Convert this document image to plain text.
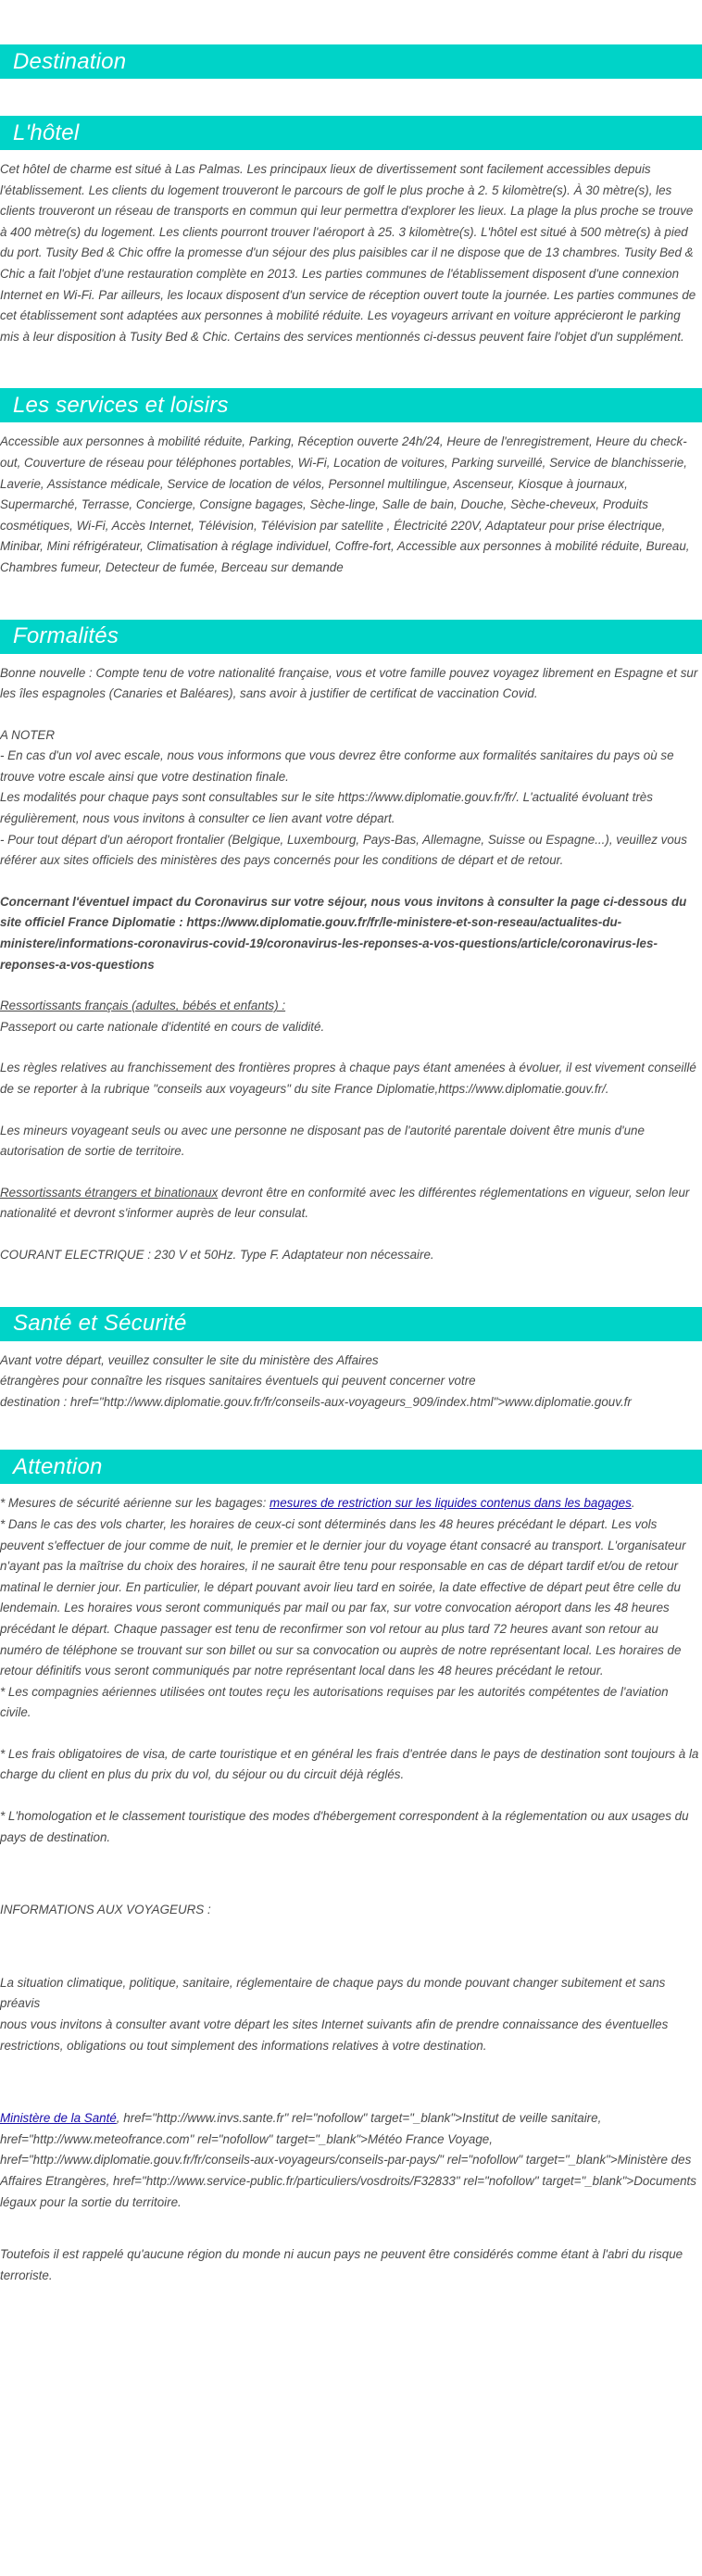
Destination
L'hôtel

Cet hôtel de charme est situé à Las Palmas. Les principaux lieux de divertissement sont facilement accessibles depuis l'établissement. Les clients du logement trouveront le parcours de golf le plus proche à 2. 5 kilomètre(s). À 30 mètre(s), les clients trouveront un réseau de transports en commun qui leur permettra d'explorer les lieux. La plage la plus proche se trouve à 400 mètre(s) du logement. Les clients pourront trouver l'aéroport à 25. 3 kilomètre(s). L'hôtel est situé à 500 mètre(s) à pied du port. Tusity Bed & Chic offre la promesse d'un séjour des plus paisibles car il ne dispose que de 13 chambres. Tusity Bed & Chic a fait l'objet d'une restauration complète en 2013. Les parties communes de l'établissement disposent d'une connexion Internet en Wi-Fi. Par ailleurs, les locaux disposent d'un service de réception ouvert toute la journée. Les parties communes de cet établissement sont adaptées aux personnes à mobilité réduite. Les voyageurs arrivant en voiture apprécieront le parking mis à leur disposition à Tusity Bed & Chic. Certains des services mentionnés ci-dessus peuvent faire l'objet d'un supplément.

Les services et loisirs

Accessible aux personnes à mobilité réduite, Parking, Réception ouverte 24h/24, Heure de l'enregistrement, Heure du check-out, Couverture de réseau pour téléphones portables, Wi-Fi, Location de voitures, Parking surveillé, Service de blanchisserie, Laverie, Assistance médicale, Service de location de vélos, Personnel multilingue, Ascenseur, Kiosque à journaux, Supermarché, Terrasse, Concierge, Consigne bagages, Sèche-linge, Salle de bain, Douche, Sèche-cheveux, Produits cosmétiques, Wi-Fi, Accès Internet, Télévision, Télévision par satellite , Électricité 220V, Adaptateur pour prise électrique, Minibar, Mini réfrigérateur, Climatisation à réglage individuel, Coffre-fort, Accessible aux personnes à mobilité réduite, Bureau, Chambres fumeur, Detecteur de fumée, Berceau sur demande

Formalités

Bonne nouvelle : Compte tenu de votre nationalité française, vous et votre famille pouvez voyagez librement en Espagne et sur les îles espagnoles (Canaries et Baléares), sans avoir à justifier de certificat de vaccination Covid.

A NOTER

- En cas d'un vol avec escale, nous vous informons que vous devrez être conforme aux formalités sanitaires du pays où se trouve votre escale ainsi que votre destination finale.

Les modalités pour chaque pays sont consultables sur le site https://www.diplomatie.gouv.fr/fr/. L'actualité évoluant très régulièrement, nous vous invitons à consulter ce lien avant votre départ.

- Pour tout départ d'un aéroport frontalier (Belgique, Luxembourg, Pays-Bas, Allemagne, Suisse ou Espagne...), veuillez vous référer aux sites officiels des ministères des pays concernés pour les conditions de départ et de retour.

Concernant l'éventuel impact du Coronavirus sur votre séjour, nous vous invitons à consulter la page ci-dessous du site officiel France Diplomatie : https://www.diplomatie.gouv.fr/fr/le-ministere-et-son-reseau/actualites-du-ministere/informations-coronavirus-covid-19/coronavirus-les-reponses-a-vos-questions/article/coronavirus-les-reponses-a-vos-questions

Ressortissants français (adultes, bébés et enfants) :

Passeport ou carte nationale d'identité en cours de validité.

Les règles relatives au franchissement des frontières propres à chaque pays étant amenées à évoluer, il est vivement conseillé de se reporter à la rubrique "conseils aux voyageurs" du site France Diplomatie,https://www.diplomatie.gouv.fr/.

Les mineurs voyageant seuls ou avec une personne ne disposant pas de l'autorité parentale doivent être munis d'une autorisation de sortie de territoire.

Ressortissants étrangers et binationaux devront être en conformité avec les différentes réglementations en vigueur, selon leur nationalité et devront s'informer auprès de leur consulat.

COURANT ELECTRIQUE : 230 V et 50Hz. Type F. Adaptateur non nécessaire.

Santé et Sécurité

Avant votre départ, veuillez consulter le site du ministère des Affaires

étrangères pour connaître les risques sanitaires éventuels qui peuvent concerner votre

destination : href="http://www.diplomatie.gouv.fr/fr/conseils-aux-voyageurs_909/index.html">www.diplomatie.gouv.fr

Attention

* Mesures de sécurité aérienne sur les bagages: mesures de restriction sur les liquides contenus dans les bagages.

* Dans le cas des vols charter, les horaires de ceux-ci sont déterminés dans les 48 heures précédant le départ. Les vols peuvent s'effectuer de jour comme de nuit, le premier et le dernier jour du voyage étant consacré au transport. L'organisateur n'ayant pas la maîtrise du choix des horaires, il ne saurait être tenu pour responsable en cas de départ tardif et/ou de retour matinal le dernier jour. En particulier, le départ pouvant avoir lieu tard en soirée, la date effective de départ peut être celle du lendemain. Les horaires vous seront communiqués par mail ou par fax, sur votre convocation aéroport dans les 48 heures précédant le départ. Chaque passager est tenu de reconfirmer son vol retour au plus tard 72 heures avant son retour au numéro de téléphone se trouvant sur son billet ou sur sa convocation ou auprès de notre représentant local. Les horaires de retour définitifs vous seront communiqués par notre représentant local dans les 48 heures précédant le retour.

* Les compagnies aériennes utilisées ont toutes reçu les autorisations requises par les autorités compétentes de l'aviation civile.

* Les frais obligatoires de visa, de carte touristique et en général les frais d'entrée dans le pays de destination sont toujours à la charge du client en plus du prix du vol, du séjour ou du circuit déjà réglés.

* L'homologation et le classement touristique des modes d'hébergement correspondent à la réglementation ou aux usages du pays de destination.

INFORMATIONS AUX VOYAGEURS :

La situation climatique, politique, sanitaire, réglementaire de chaque pays du monde pouvant changer subitement et sans préavis

nous vous invitons à consulter avant votre départ les sites Internet suivants afin de prendre connaissance des éventuelles restrictions, obligations ou tout simplement des informations relatives à votre destination.

Ministère de la Santé, href="http://www.invs.sante.fr" rel="nofollow" target="_blank">Institut de veille sanitaire, href="http://www.meteofrance.com" rel="nofollow" target="_blank">Météo France Voyage, href="http://www.diplomatie.gouv.fr/fr/conseils-aux-voyageurs/conseils-par-pays/" rel="nofollow" target="_blank">Ministère des Affaires Etrangères, href="http://www.service-public.fr/particuliers/vosdroits/F32833" rel="nofollow" target="_blank">Documents légaux pour la sortie du territoire.

Toutefois il est rappelé qu'aucune région du monde ni aucun pays ne peuvent être considérés comme étant à l'abri du risque terroriste.
